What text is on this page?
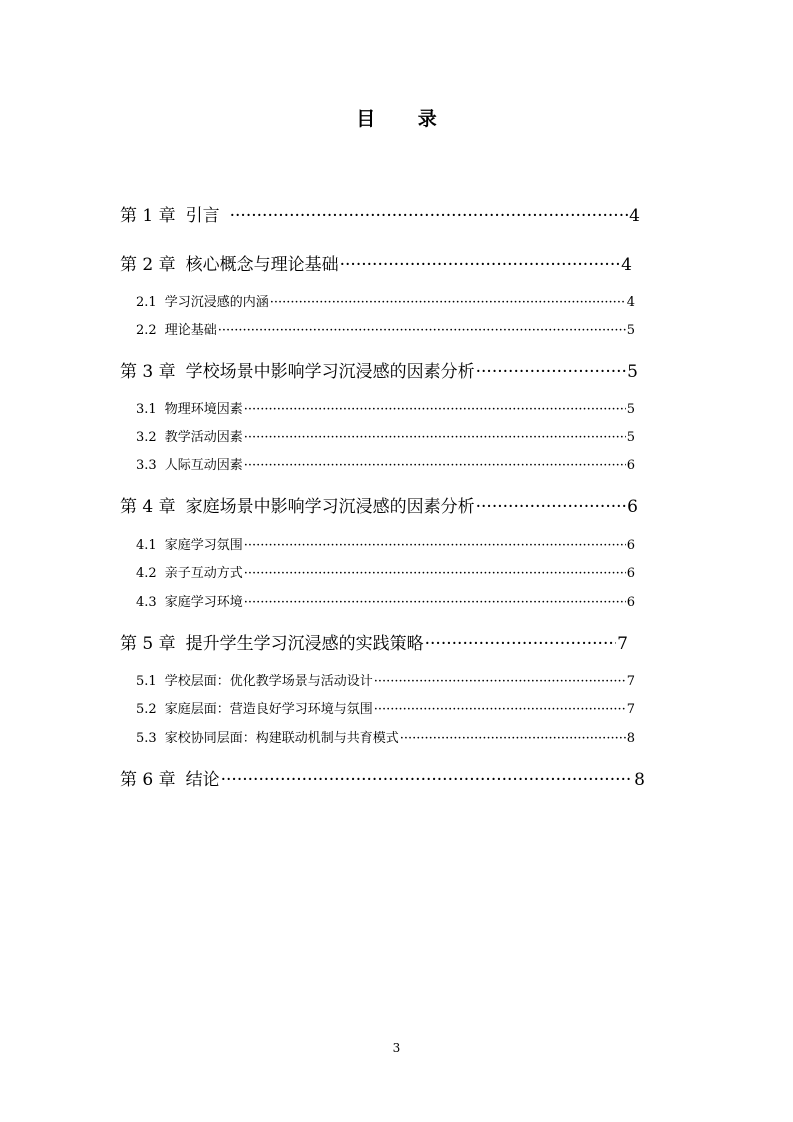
目 录
第 1 章 引言 ·····	4
第 2 章 核心概念与理论基础 ·····	4
2.1 学习沉浸感的内涵 ·····	4
2.2 理论基础 ·····	5
第 3 章 学校场景中影响学习沉浸感的因素分析 ·····	5
3.1 物理环境因素 ·····	5
3.2 教学活动因素 ·····	5
3.3 人际互动因素 ·····	6
第 4 章 家庭场景中影响学习沉浸感的因素分析 ·····	6
4.1 家庭学习氛围 ·····	6
4.2 亲子互动方式 ·····	6
4.3 家庭学习环境 ·····	6
第 5 章 提升学生学习沉浸感的实践策略 ·····	7
5.1 学校层面：优化教学场景与活动设计 ·····	7
5.2 家庭层面：营造良好学习环境与氛围 ·····	7
5.3 家校协同层面：构建联动机制与共育模式 ·····	8
第 6 章 结论 ·····	8
3
